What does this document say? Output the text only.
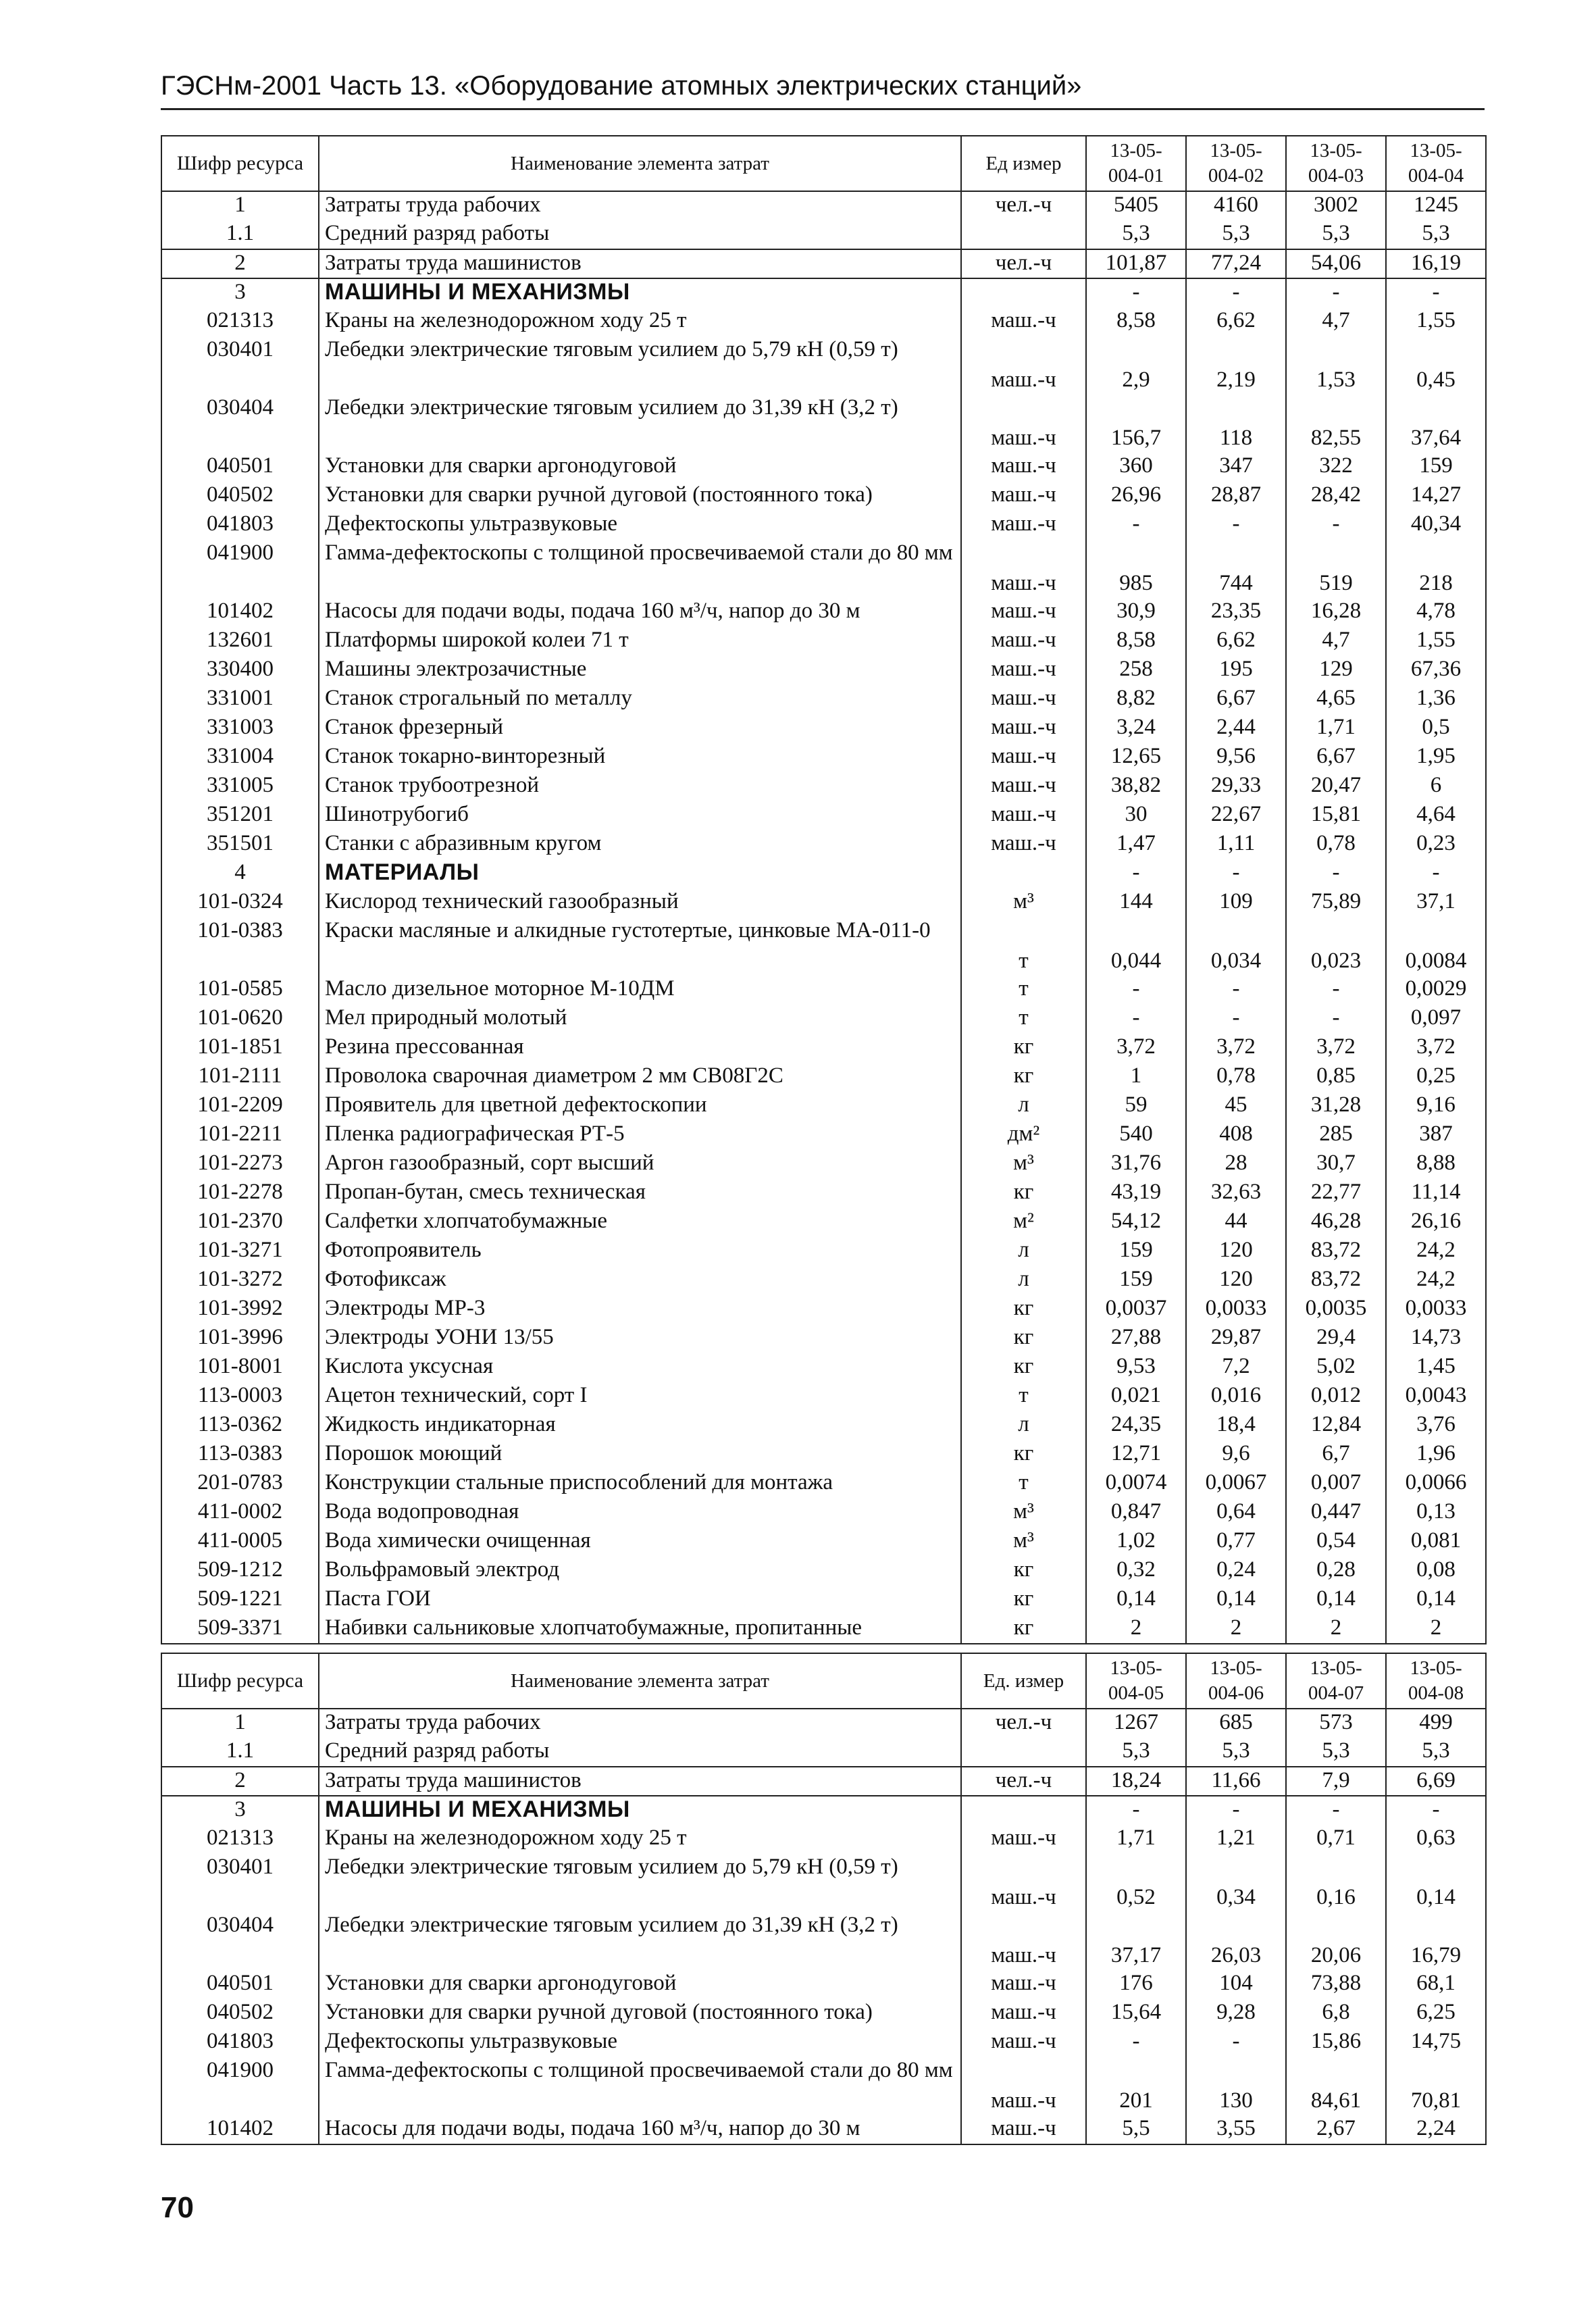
ГЭСНм-2001 Часть 13. «Оборудование атомных электрических станций»
Шифр ресурса	Наименование элемента затрат	Ед измер	13-05-004-01	13-05-004-02	13-05-004-03	13-05-004-04
1	Затраты труда рабочих	чел.-ч	5405	4160	3002	1245
1.1	Средний разряд работы		5,3	5,3	5,3	5,3
2	Затраты труда машинистов	чел.-ч	101,87	77,24	54,06	16,19
3	МАШИНЫ И МЕХАНИЗМЫ		-	-	-	-
021313	Краны на железнодорожном ходу 25 т	маш.-ч	8,58	6,62	4,7	1,55
030401	Лебедки электрические тяговым усилием до 5,79 кН (0,59 т)	маш.-ч	2,9	2,19	1,53	0,45
030404	Лебедки электрические тяговым усилием до 31,39 кН (3,2 т)	маш.-ч	156,7	118	82,55	37,64
040501	Установки для сварки аргонодуговой	маш.-ч	360	347	322	159
040502	Установки для сварки ручной дуговой (постоянного тока)	маш.-ч	26,96	28,87	28,42	14,27
041803	Дефектоскопы ультразвуковые	маш.-ч	-	-	-	40,34
041900	Гамма-дефектоскопы с толщиной просвечиваемой стали до 80 мм	маш.-ч	985	744	519	218
101402	Насосы для подачи воды, подача 160 м³/ч, напор до 30 м	маш.-ч	30,9	23,35	16,28	4,78
132601	Платформы широкой колеи 71 т	маш.-ч	8,58	6,62	4,7	1,55
330400	Машины электрозачистные	маш.-ч	258	195	129	67,36
331001	Станок строгальный по металлу	маш.-ч	8,82	6,67	4,65	1,36
331003	Станок фрезерный	маш.-ч	3,24	2,44	1,71	0,5
331004	Станок токарно-винторезный	маш.-ч	12,65	9,56	6,67	1,95
331005	Станок трубоотрезной	маш.-ч	38,82	29,33	20,47	6
351201	Шинотрубогиб	маш.-ч	30	22,67	15,81	4,64
351501	Станки с абразивным кругом	маш.-ч	1,47	1,11	0,78	0,23
4	МАТЕРИАЛЫ		-	-	-	-
101-0324	Кислород технический газообразный	м³	144	109	75,89	37,1
101-0383	Краски масляные и алкидные густотертые, цинковые МА-011-0	т	0,044	0,034	0,023	0,0084
101-0585	Масло дизельное моторное М-10ДМ	т	-	-	-	0,0029
101-0620	Мел природный молотый	т	-	-	-	0,097
101-1851	Резина прессованная	кг	3,72	3,72	3,72	3,72
101-2111	Проволока сварочная диаметром 2 мм СВ08Г2С	кг	1	0,78	0,85	0,25
101-2209	Проявитель для цветной дефектоскопии	л	59	45	31,28	9,16
101-2211	Пленка радиографическая РТ-5	дм²	540	408	285	387
101-2273	Аргон газообразный, сорт высший	м³	31,76	28	30,7	8,88
101-2278	Пропан-бутан, смесь техническая	кг	43,19	32,63	22,77	11,14
101-2370	Салфетки хлопчатобумажные	м²	54,12	44	46,28	26,16
101-3271	Фотопроявитель	л	159	120	83,72	24,2
101-3272	Фотофиксаж	л	159	120	83,72	24,2
101-3992	Электроды МР-3	кг	0,0037	0,0033	0,0035	0,0033
101-3996	Электроды УОНИ 13/55	кг	27,88	29,87	29,4	14,73
101-8001	Кислота уксусная	кг	9,53	7,2	5,02	1,45
113-0003	Ацетон технический, сорт I	т	0,021	0,016	0,012	0,0043
113-0362	Жидкость индикаторная	л	24,35	18,4	12,84	3,76
113-0383	Порошок моющий	кг	12,71	9,6	6,7	1,96
201-0783	Конструкции стальные приспособлений для монтажа	т	0,0074	0,0067	0,007	0,0066
411-0002	Вода водопроводная	м³	0,847	0,64	0,447	0,13
411-0005	Вода химически очищенная	м³	1,02	0,77	0,54	0,081
509-1212	Вольфрамовый электрод	кг	0,32	0,24	0,28	0,08
509-1221	Паста ГОИ	кг	0,14	0,14	0,14	0,14
509-3371	Набивки сальниковые хлопчатобумажные, пропитанные	кг	2	2	2	2
Шифр ресурса	Наименование элемента затрат	Ед. измер	13-05-004-05	13-05-004-06	13-05-004-07	13-05-004-08
1	Затраты труда рабочих	чел.-ч	1267	685	573	499
1.1	Средний разряд работы		5,3	5,3	5,3	5,3
2	Затраты труда машинистов	чел.-ч	18,24	11,66	7,9	6,69
3	МАШИНЫ И МЕХАНИЗМЫ		-	-	-	-
021313	Краны на железнодорожном ходу 25 т	маш.-ч	1,71	1,21	0,71	0,63
030401	Лебедки электрические тяговым усилием до 5,79 кН (0,59 т)	маш.-ч	0,52	0,34	0,16	0,14
030404	Лебедки электрические тяговым усилием до 31,39 кН (3,2 т)	маш.-ч	37,17	26,03	20,06	16,79
040501	Установки для сварки аргонодуговой	маш.-ч	176	104	73,88	68,1
040502	Установки для сварки ручной дуговой (постоянного тока)	маш.-ч	15,64	9,28	6,8	6,25
041803	Дефектоскопы ультразвуковые	маш.-ч	-	-	15,86	14,75
041900	Гамма-дефектоскопы с толщиной просвечиваемой стали до 80 мм	маш.-ч	201	130	84,61	70,81
101402	Насосы для подачи воды, подача 160 м³/ч, напор до 30 м	маш.-ч	5,5	3,55	2,67	2,24
70
